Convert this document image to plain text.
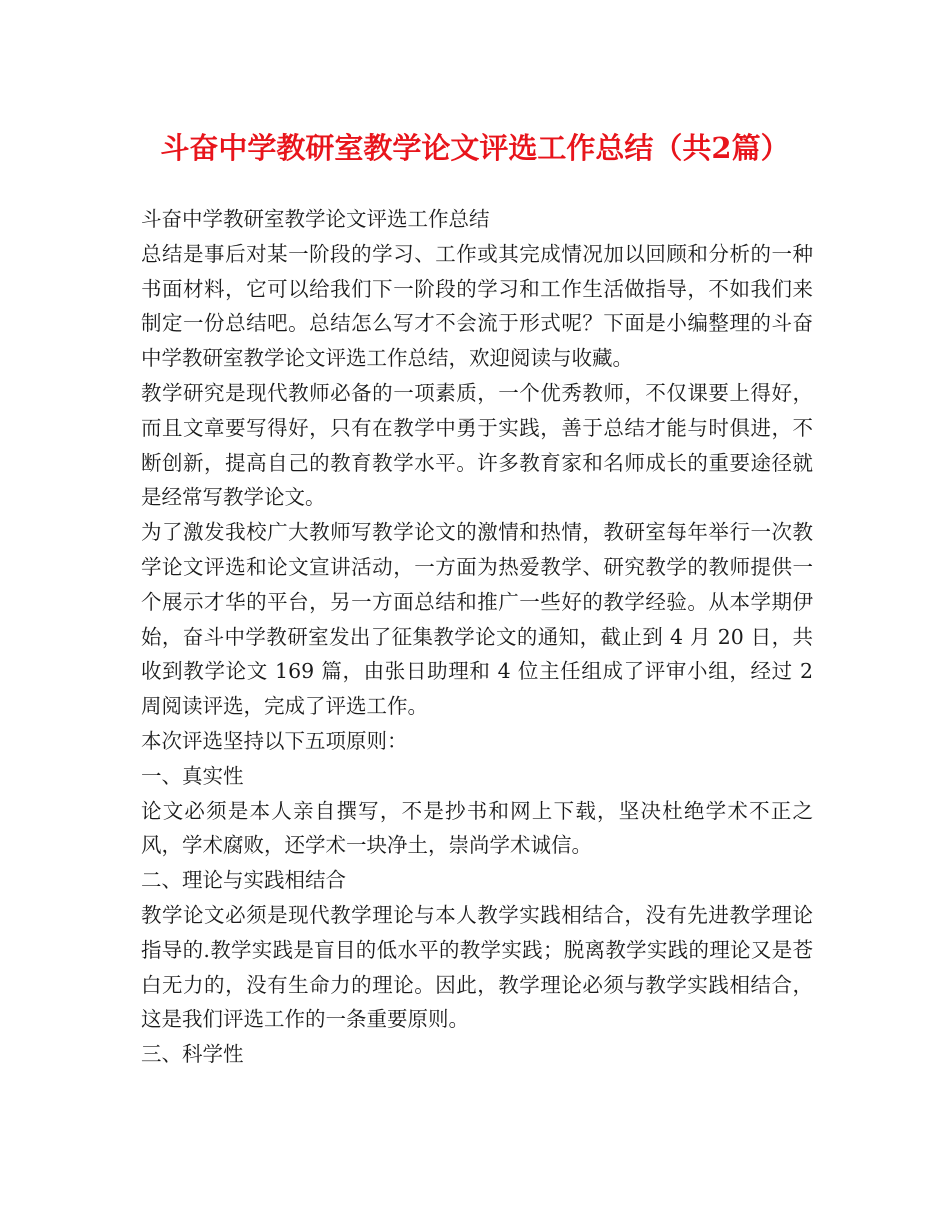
斗奋中学教研室教学论文评选工作总结（共2篇）

斗奋中学教研室教学论文评选工作总结

总结是事后对某一阶段的学习、工作或其完成情况加以回顾和分析的一种书面材料，它可以给我们下一阶段的学习和工作生活做指导，不如我们来制定一份总结吧。总结怎么写才不会流于形式呢？下面是小编整理的斗奋中学教研室教学论文评选工作总结，欢迎阅读与收藏。

教学研究是现代教师必备的一项素质，一个优秀教师，不仅课要上得好，而且文章要写得好，只有在教学中勇于实践，善于总结才能与时俱进，不断创新，提高自己的教育教学水平。许多教育家和名师成长的重要途径就是经常写教学论文。

为了激发我校广大教师写教学论文的激情和热情，教研室每年举行一次教学论文评选和论文宣讲活动，一方面为热爱教学、研究教学的教师提供一个展示才华的平台，另一方面总结和推广一些好的教学经验。从本学期伊始，奋斗中学教研室发出了征集教学论文的通知，截止到 4 月 20 日，共收到教学论文 169 篇，由张日助理和 4 位主任组成了评审小组，经过 2 周阅读评选，完成了评选工作。

本次评选坚持以下五项原则：

一、真实性

论文必须是本人亲自撰写，不是抄书和网上下载，坚决杜绝学术不正之风，学术腐败，还学术一块净土，崇尚学术诚信。

二、理论与实践相结合

教学论文必须是现代教学理论与本人教学实践相结合，没有先进教学理论指导的.教学实践是盲目的低水平的教学实践；脱离教学实践的理论又是苍白无力的，没有生命力的理论。因此，教学理论必须与教学实践相结合，这是我们评选工作的一条重要原则。

三、科学性
